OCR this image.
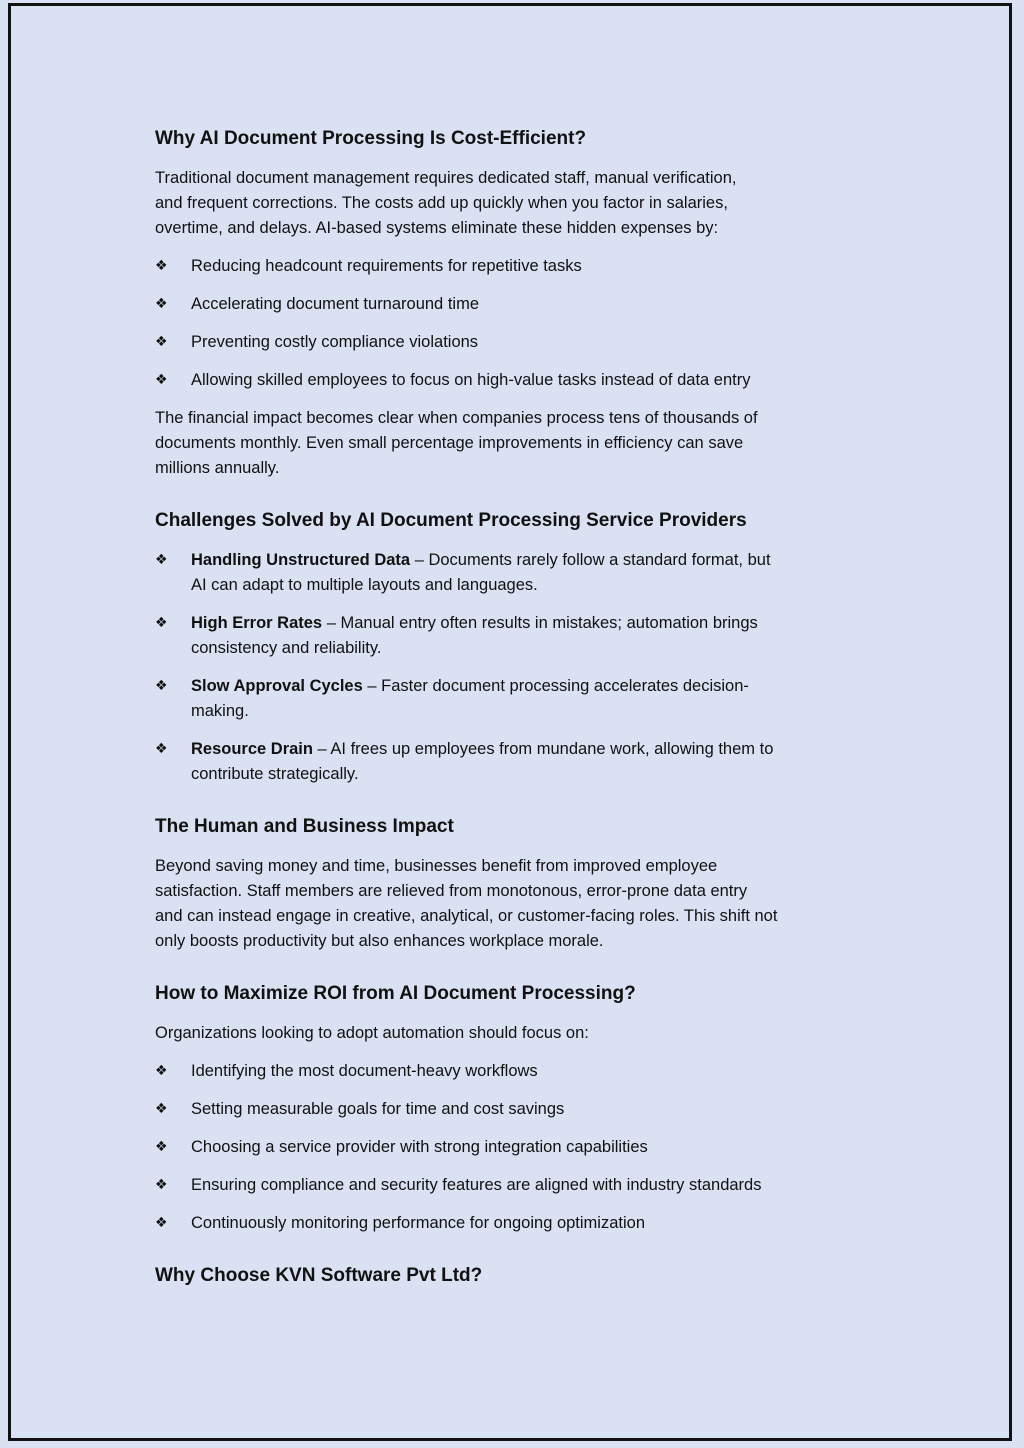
Why AI Document Processing Is Cost-Efficient?

Traditional document management requires dedicated staff, manual verification,
and frequent corrections. The costs add up quickly when you factor in salaries,
overtime, and delays. AI-based systems eliminate these hidden expenses by:

❖ Reducing headcount requirements for repetitive tasks
❖ Accelerating document turnaround time
❖ Preventing costly compliance violations
❖ Allowing skilled employees to focus on high-value tasks instead of data entry

The financial impact becomes clear when companies process tens of thousands of
documents monthly. Even small percentage improvements in efficiency can save
millions annually.

Challenges Solved by AI Document Processing Service Providers
❖ Handling Unstructured Data – Documents rarely follow a standard format, but
AI can adapt to multiple layouts and languages.
❖ High Error Rates – Manual entry often results in mistakes; automation brings
consistency and reliability.
❖ Slow Approval Cycles – Faster document processing accelerates decision-
making.
❖ Resource Drain – AI frees up employees from mundane work, allowing them to
contribute strategically.
The Human and Business Impact

Beyond saving money and time, businesses benefit from improved employee
satisfaction. Staff members are relieved from monotonous, error-prone data entry
and can instead engage in creative, analytical, or customer-facing roles. This shift not
only boosts productivity but also enhances workplace morale.

How to Maximize ROI from AI Document Processing?

Organizations looking to adopt automation should focus on:

❖ Identifying the most document-heavy workflows
❖ Setting measurable goals for time and cost savings
❖ Choosing a service provider with strong integration capabilities
❖ Ensuring compliance and security features are aligned with industry standards
❖ Continuously monitoring performance for ongoing optimization
Why Choose KVN Software Pvt Ltd?
